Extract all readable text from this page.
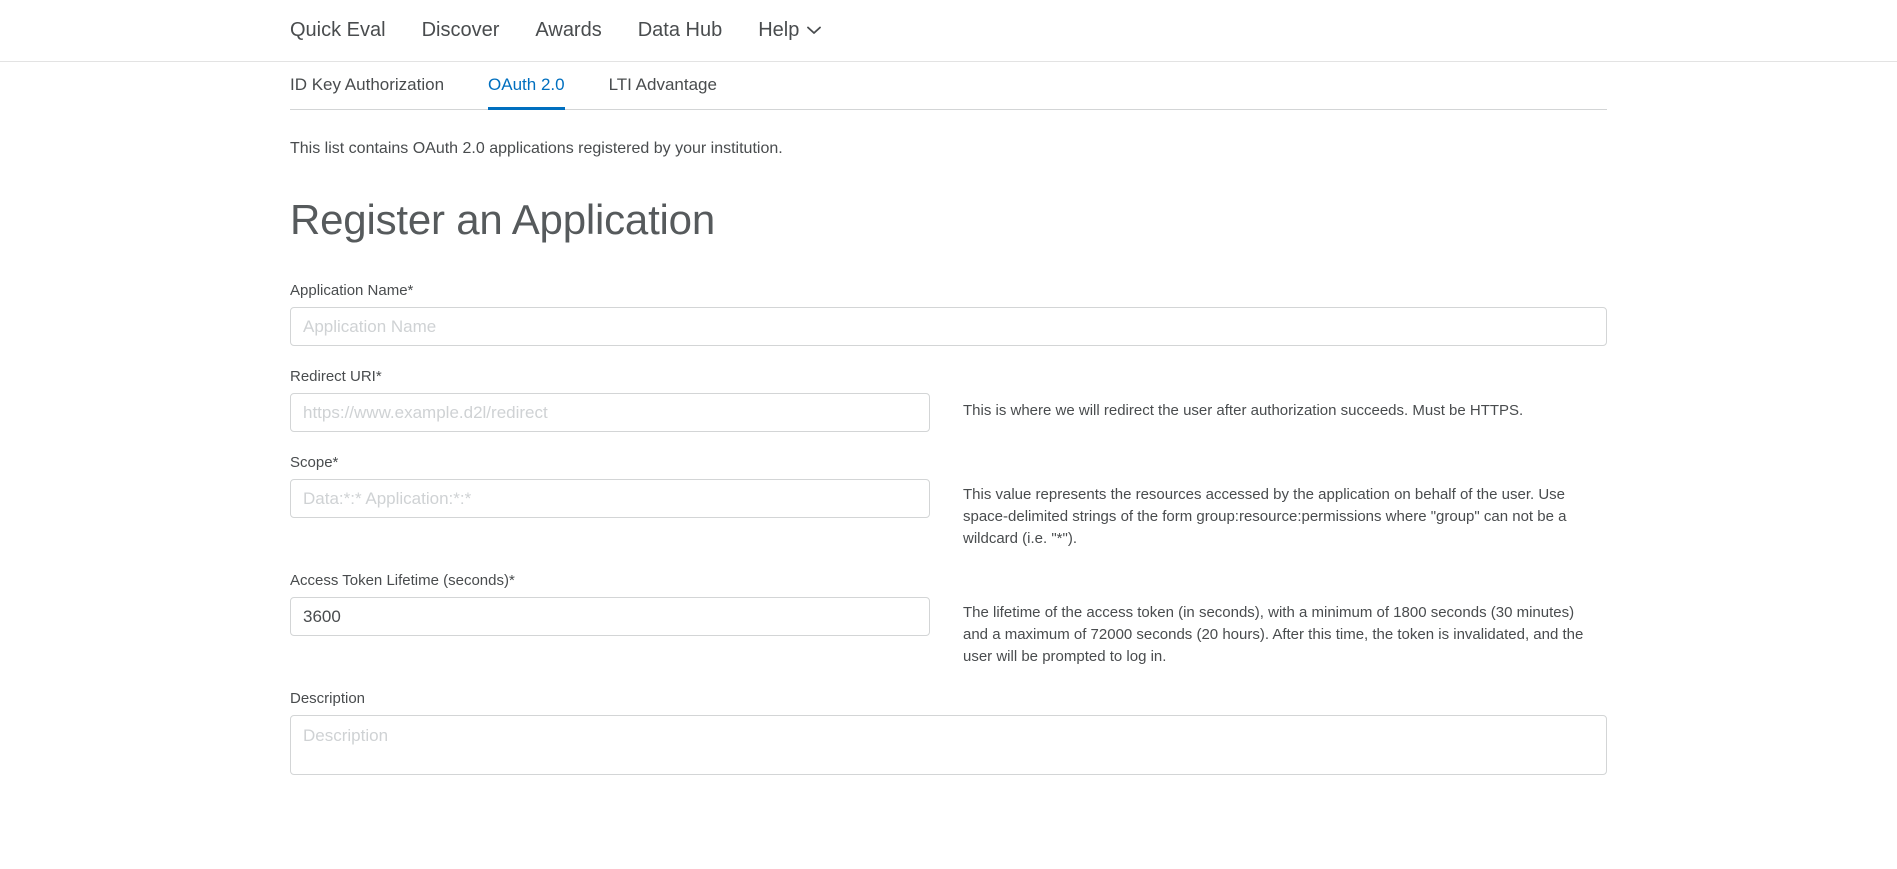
Quick Eval Discover Awards Data Hub Help
ID Key Authorization	OAuth 2.0	LTI Advantage

This list contains OAuth 2.0 applications registered by your institution.

Register an Application
Application Name*
Application Name
Redirect URI*
https://www.example.d2l/redirect
This is where we will redirect the user after authorization succeeds. Must be HTTPS.
Scope*
Data:*:* Application:*:*
This value represents the resources accessed by the application on behalf of the user. Use space-delimited strings of the form group:resource:permissions where "group" can not be a wildcard (i.e. "*").
Access Token Lifetime (seconds)*
3600
The lifetime of the access token (in seconds), with a minimum of 1800 seconds (30 minutes) and a maximum of 72000 seconds (20 hours). After this time, the token is invalidated, and the user will be prompted to log in.
Description
Description
